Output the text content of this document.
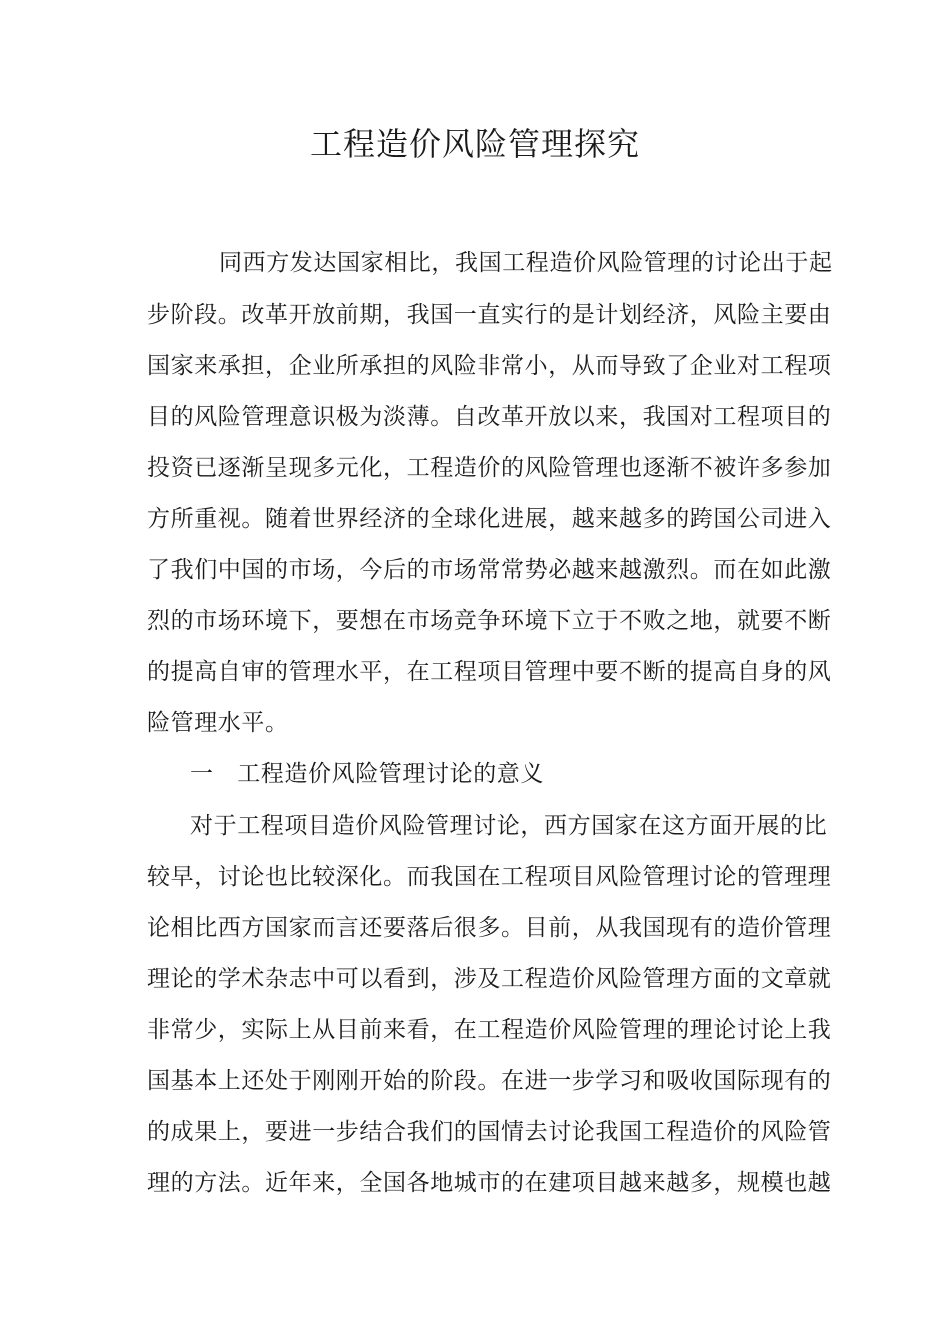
工程造价风险管理探究
同西方发达国家相比，我国工程造价风险管理的讨论出于起
步阶段。改革开放前期，我国一直实行的是计划经济，风险主要由
国家来承担，企业所承担的风险非常小，从而导致了企业对工程项
目的风险管理意识极为淡薄。自改革开放以来，我国对工程项目的
投资已逐渐呈现多元化，工程造价的风险管理也逐渐不被许多参加
方所重视。随着世界经济的全球化进展，越来越多的跨国公司进入
了我们中国的市场，今后的市场常常势必越来越激烈。而在如此激
烈的市场环境下，要想在市场竞争环境下立于不败之地，就要不断
的提高自审的管理水平，在工程项目管理中要不断的提高自身的风
险管理水平。
一　工程造价风险管理讨论的意义
对于工程项目造价风险管理讨论，西方国家在这方面开展的比
较早，讨论也比较深化。而我国在工程项目风险管理讨论的管理理
论相比西方国家而言还要落后很多。目前，从我国现有的造价管理
理论的学术杂志中可以看到，涉及工程造价风险管理方面的文章就
非常少，实际上从目前来看，在工程造价风险管理的理论讨论上我
国基本上还处于刚刚开始的阶段。在进一步学习和吸收国际现有的
的成果上，要进一步结合我们的国情去讨论我国工程造价的风险管
理的方法。近年来，全国各地城市的在建项目越来越多，规模也越
